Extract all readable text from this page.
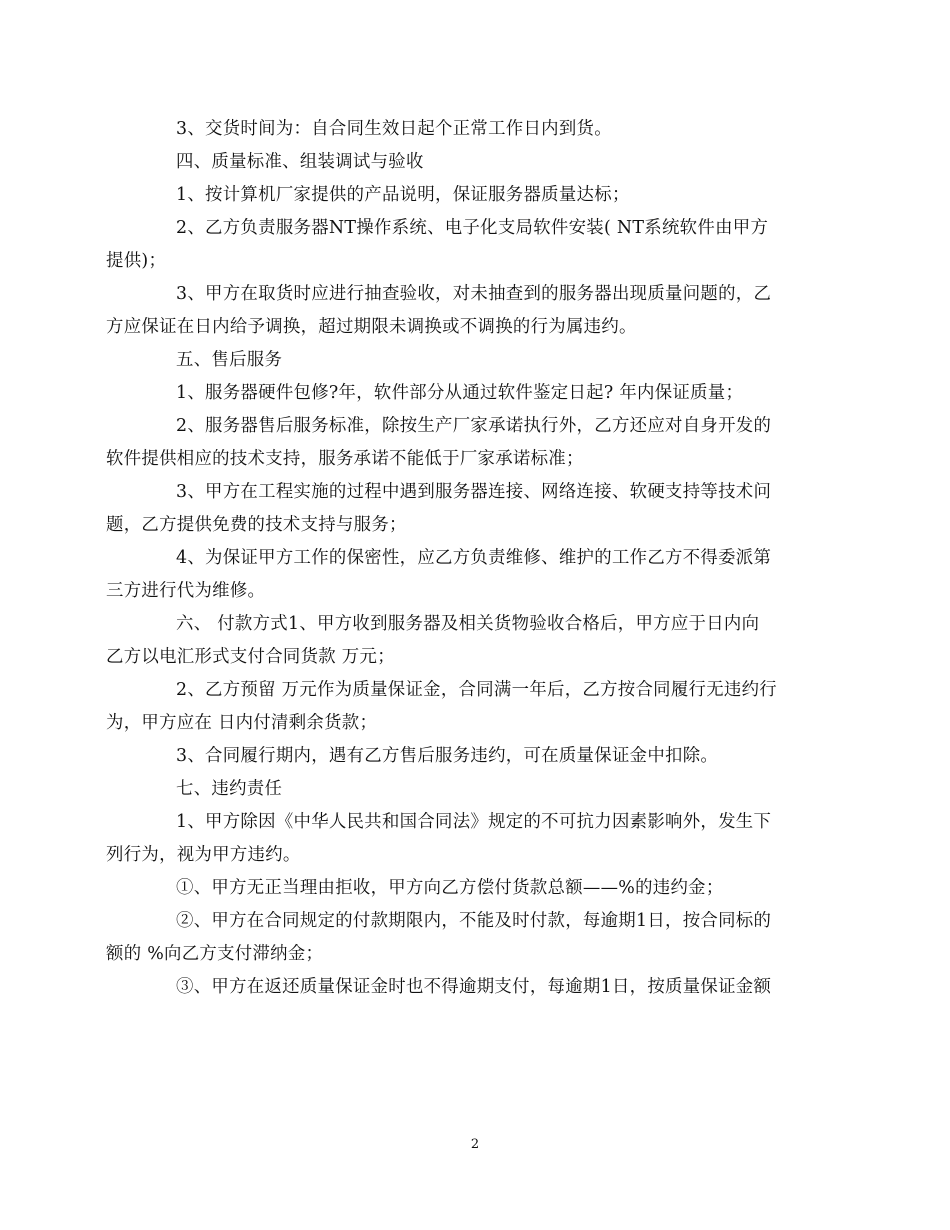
3、交货时间为：自合同生效日起个正常工作日内到货。

四、质量标准、组装调试与验收

1、按计算机厂家提供的产品说明，保证服务器质量达标；

2、乙方负责服务器NT操作系统、电子化支局软件安装( NT系统软件由甲方
提供)；

3、甲方在取货时应进行抽查验收，对未抽查到的服务器出现质量问题的，乙
方应保证在日内给予调换，超过期限未调换或不调换的行为属违约。

五、售后服务

1、服务器硬件包修?年，软件部分从通过软件鉴定日起? 年内保证质量；

2、服务器售后服务标准，除按生产厂家承诺执行外，乙方还应对自身开发的
软件提供相应的技术支持，服务承诺不能低于厂家承诺标准；

3、甲方在工程实施的过程中遇到服务器连接、网络连接、软硬支持等技术问
题，乙方提供免费的技术支持与服务；

4、为保证甲方工作的保密性，应乙方负责维修、维护的工作乙方不得委派第
三方进行代为维修。

六、 付款方式1、甲方收到服务器及相关货物验收合格后，甲方应于日内向
乙方以电汇形式支付合同货款 万元；

2、乙方预留 万元作为质量保证金，合同满一年后，乙方按合同履行无违约行
为，甲方应在 日内付清剩余货款；

3、合同履行期内，遇有乙方售后服务违约，可在质量保证金中扣除。

七、违约责任

1、甲方除因《中华人民共和国合同法》规定的不可抗力因素影响外，发生下
列行为，视为甲方违约。

①、甲方无正当理由拒收，甲方向乙方偿付货款总额——%的违约金；

②、甲方在合同规定的付款期限内，不能及时付款，每逾期1日，按合同标的
额的 %向乙方支付滞纳金；

③、甲方在返还质量保证金时也不得逾期支付，每逾期1日，按质量保证金额

2
